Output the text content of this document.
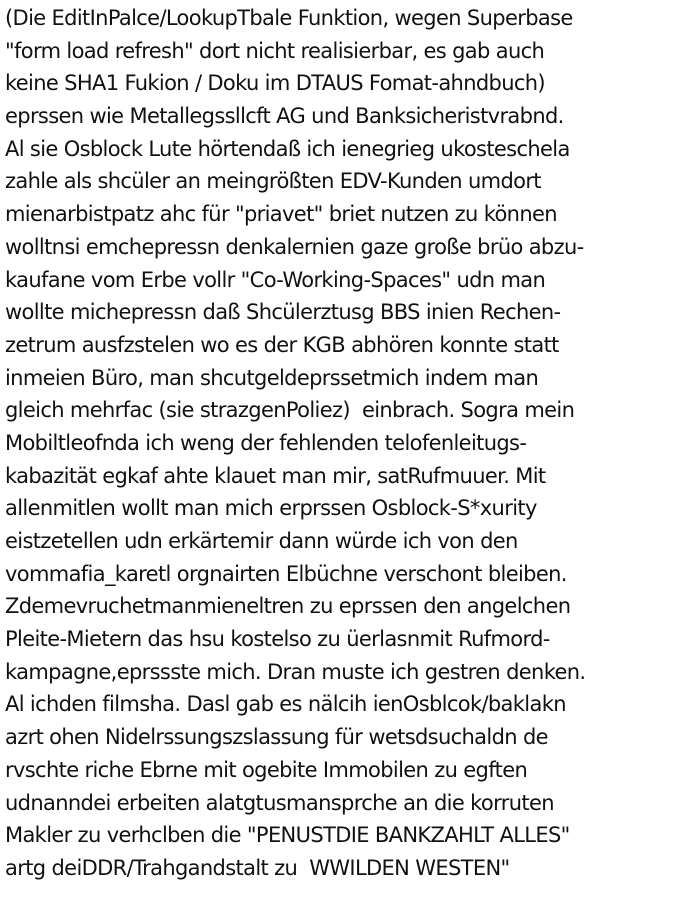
(Die EditInPalce/LookupTbale Funktion, wegen Superbase
"form load refresh" dort nicht realisierbar, es gab auch
keine SHA1 Fukion / Doku im DTAUS Fomat-ahndbuch)
eprssen wie Metallegssllcft AG und Banksicheristvrabnd.
Al sie Osblock Lute hörtendaß ich ienegrieg ukosteschela
zahle als shcüler an meingrößten EDV-Kunden umdort
mienarbistpatz ahc für "priavet" briet nutzen zu können
wolltnsi emchepressn denkalernien gaze große brüo abzu-
kaufane vom Erbe vollr "Co-Working-Spaces" udn man
wollte michepressn daß Shcülerztusg BBS inien Rechen-
zetrum ausfzstelen wo es der KGB abhören konnte statt
inmeien Büro, man shcutgeldeprssetmich indem man
gleich mehrfac (sie strazgenPoliez)  einbrach. Sogra mein
Mobiltleofnda ich weng der fehlenden telofenleitugs-
kabazität egkaf ahte klauet man mir, satRufmuuer. Mit
allenmitlen wollt man mich erprssen Osblock-S*xurity
eistzetellen udn erkärtemir dann würde ich von den
vommafia_karetl orgnairten Elbüchne verschont bleiben.
Zdemevruchetmanmieneltren zu eprssen den angelchen
Pleite-Mietern das hsu kostelso zu üerlasnmit Rufmord-
kampagne,eprssste mich. Dran muste ich gestren denken.
Al ichden filmsha. Dasl gab es nälcih ienOsblcok/baklakn
azrt ohen Nidelrssungszslassung für wetsdsuchaldn de
rvschte riche Ebrne mit ogebite Immobilen zu egften
udnanndei erbeiten alatgtusmansprche an die korruten
Makler zu verhclben die "PENUSTDIE BANKZAHLT ALLES"
artg deiDDR/Trahgandstalt zu  WWILDEN WESTEN"
